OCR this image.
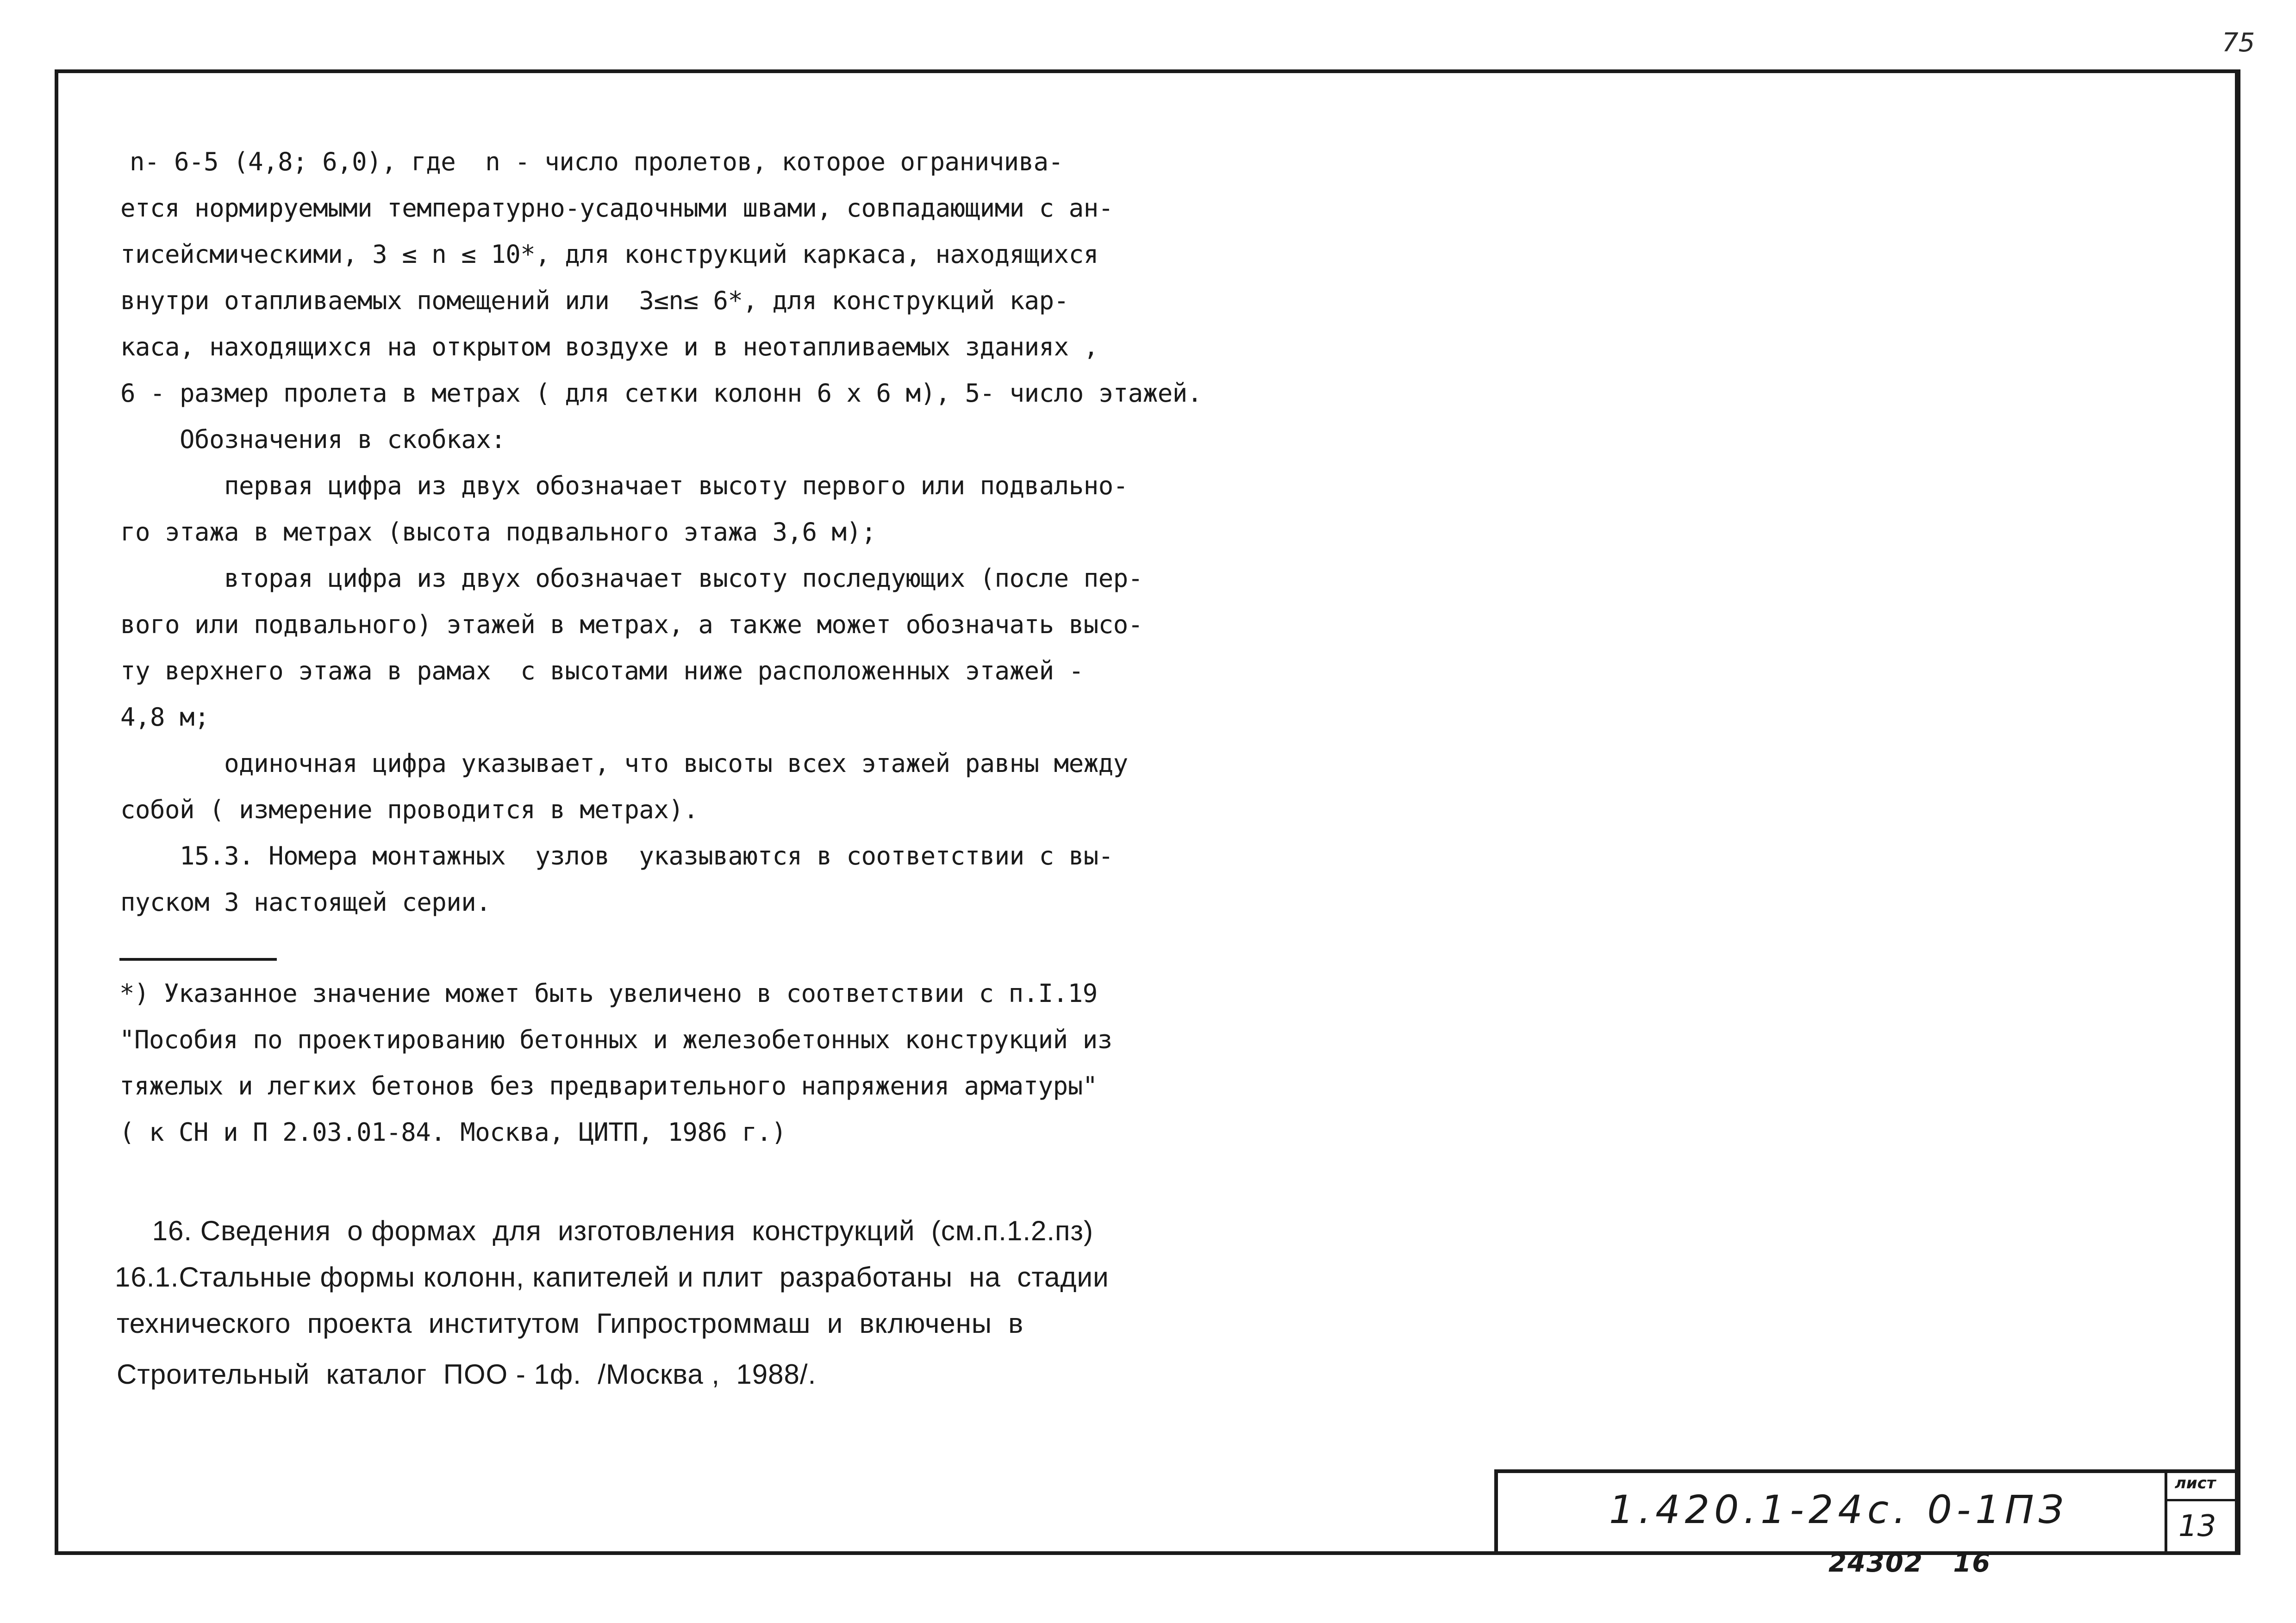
75
n- 6-5 (4,8; 6,0), где  n - число пролетов, которое ограничива-
ется нормируемыми температурно-усадочными швами, совпадающими с ан-
тисейсмическими, 3 ≤ n ≤ 10*, для конструкций каркаса, находящихся
внутри отапливаемых помещений или  3≤n≤ 6*, для конструкций кар-
каса, находящихся на открытом воздухе и в неотапливаемых зданиях ,
6 - размер пролета в метрах ( для сетки колонн 6 х 6 м), 5- число этажей.
Обозначения в скобках:
первая цифра из двух обозначает высоту первого или подвально-
го этажа в метрах (высота подвального этажа 3,6 м);
вторая цифра из двух обозначает высоту последующих (после пер-
вого или подвального) этажей в метрах, а также может обозначать высо-
ту верхнего этажа в рамах  с высотами ниже расположенных этажей -
4,8 м;
одиночная цифра указывает, что высоты всех этажей равны между
собой ( измерение проводится в метрах).
15.3. Номера монтажных  узлов  указываются в соответствии с вы-
пуском 3 настоящей серии.
*) Указанное значение может быть увеличено в соответствии с п.I.19
"Пособия по проектированию бетонных и железобетонных конструкций из
тяжелых и легких бетонов без предварительного напряжения арматуры"
( к СН и П 2.03.01-84. Москва, ЦИТП, 1986 г.)
16. Сведения  о формах  для  изготовления  конструкций  (см.п.1.2.пз)
16.1.Стальные формы колонн, капителей и плит  разработаны  на  стадии
технического  проекта  институтом  Гипростроммаш  и  включены  в
Строительный  каталог  ПОО - 1ф.  /Москва ,  1988/.
1.420.1-24с. 0-1ПЗ
лист
13
24302   16
